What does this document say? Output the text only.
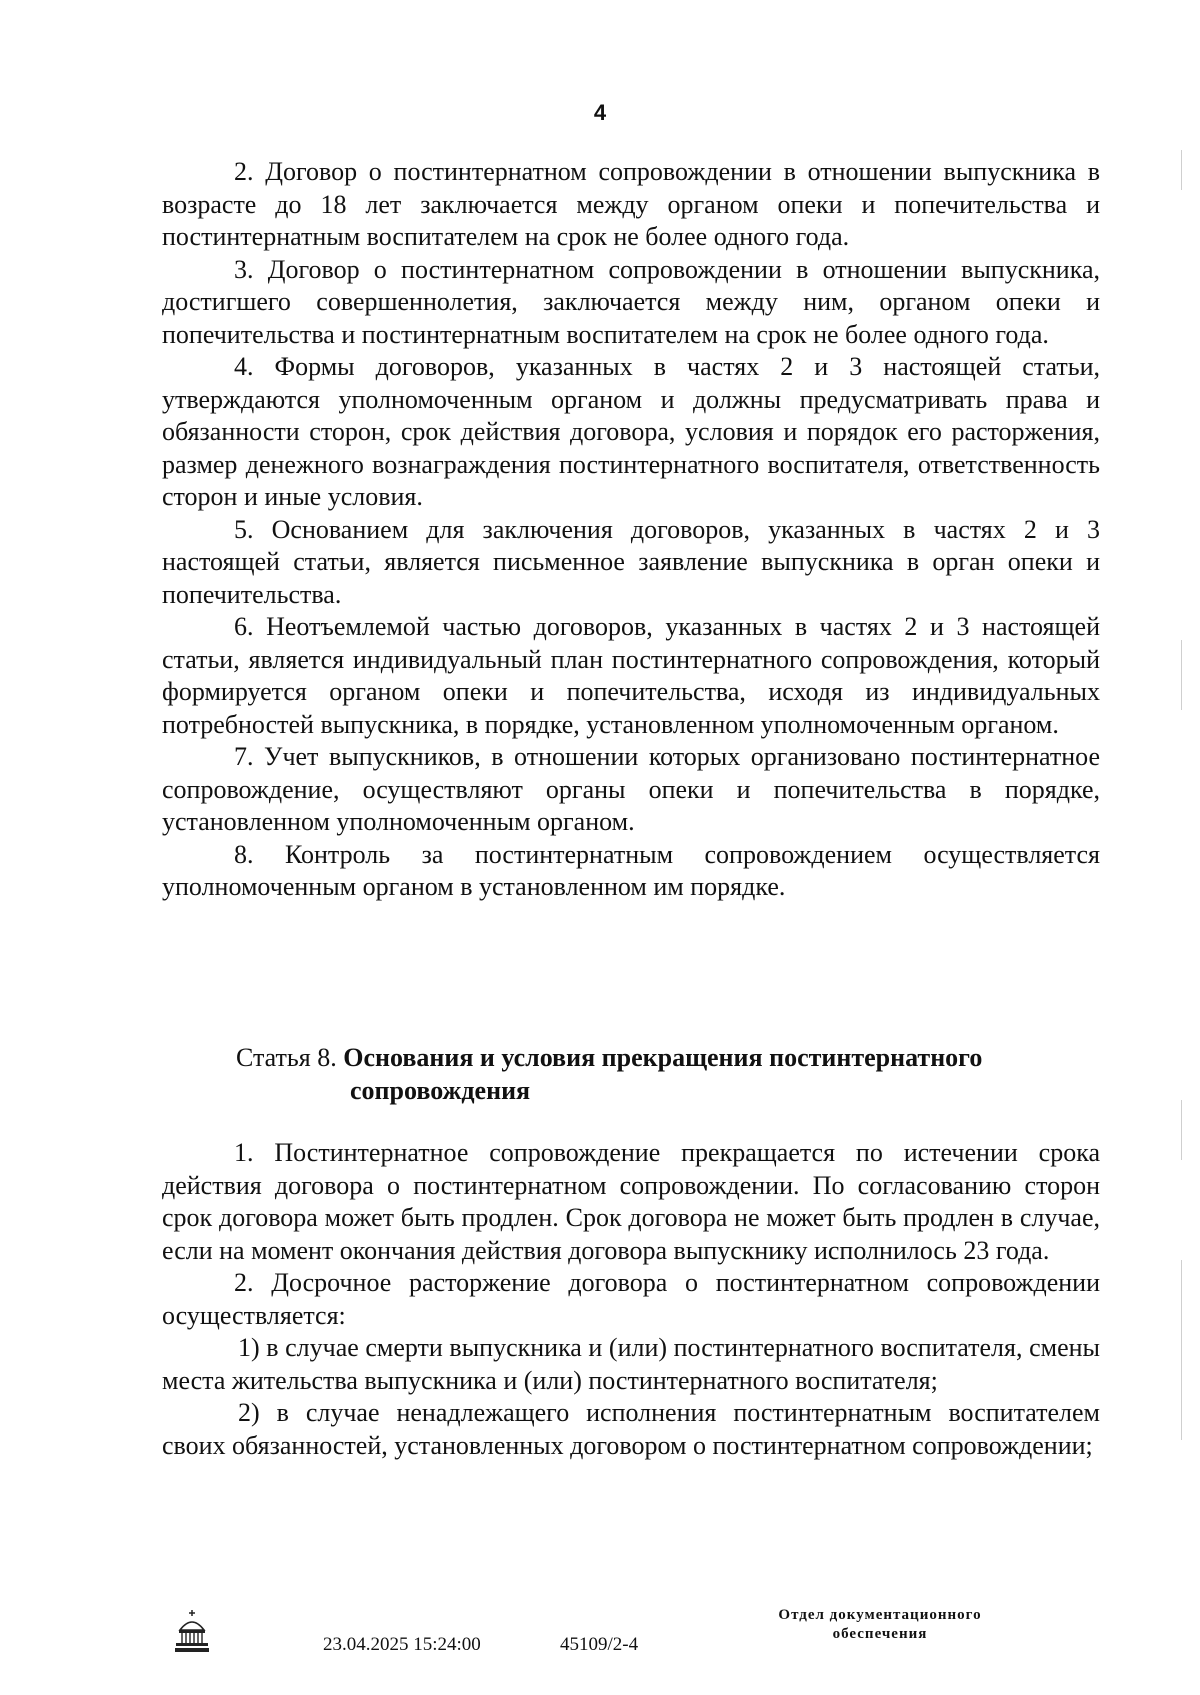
4

2. Договор о постинтернатном сопровождении в отношении выпускника в возрасте до 18 лет заключается между органом опеки и попечительства и постинтернатным воспитателем на срок не более одного года.

3. Договор о постинтернатном сопровождении в отношении выпускника, достигшего совершеннолетия, заключается между ним, органом опеки и попечительства и постинтернатным воспитателем на срок не более одного года.

4. Формы договоров, указанных в частях 2 и 3 настоящей статьи, утверждаются уполномоченным органом и должны предусматривать права и обязанности сторон, срок действия договора, условия и порядок его расторжения, размер денежного вознаграждения постинтернатного воспитателя, ответственность сторон и иные условия.

5. Основанием для заключения договоров, указанных в частях 2 и 3 настоящей статьи, является письменное заявление выпускника в орган опеки и попечительства.

6. Неотъемлемой частью договоров, указанных в частях 2 и 3 настоящей статьи, является индивидуальный план постинтернатного сопровождения, который формируется органом опеки и попечительства, исходя из индивидуальных потребностей выпускника, в порядке, установленном уполномоченным органом.

7. Учет выпускников, в отношении которых организовано постинтернатное сопровождение, осуществляют органы опеки и попечительства в порядке, установленном уполномоченным органом.

8. Контроль за постинтернатным сопровождением осуществляется уполномоченным органом в установленном им порядке.

Статья 8. Основания и условия прекращения постинтернатного
сопровождения

1. Постинтернатное сопровождение прекращается по истечении срока действия договора о постинтернатном сопровождении. По согласованию сторон срок договора может быть продлен. Срок договора не может быть продлен в случае, если на момент окончания действия договора выпускнику исполнилось 23 года.

2. Досрочное расторжение договора о постинтернатном сопровождении осуществляется:

1) в случае смерти выпускника и (или) постинтернатного воспитателя, смены места жительства выпускника и (или) постинтернатного воспитателя;

2) в случае ненадлежащего исполнения постинтернатным воспитателем своих обязанностей, установленных договором о постинтернатном сопровождении;

23.04.2025 15:24:00	45109/2-4
Отдел документационного
обеспечения
